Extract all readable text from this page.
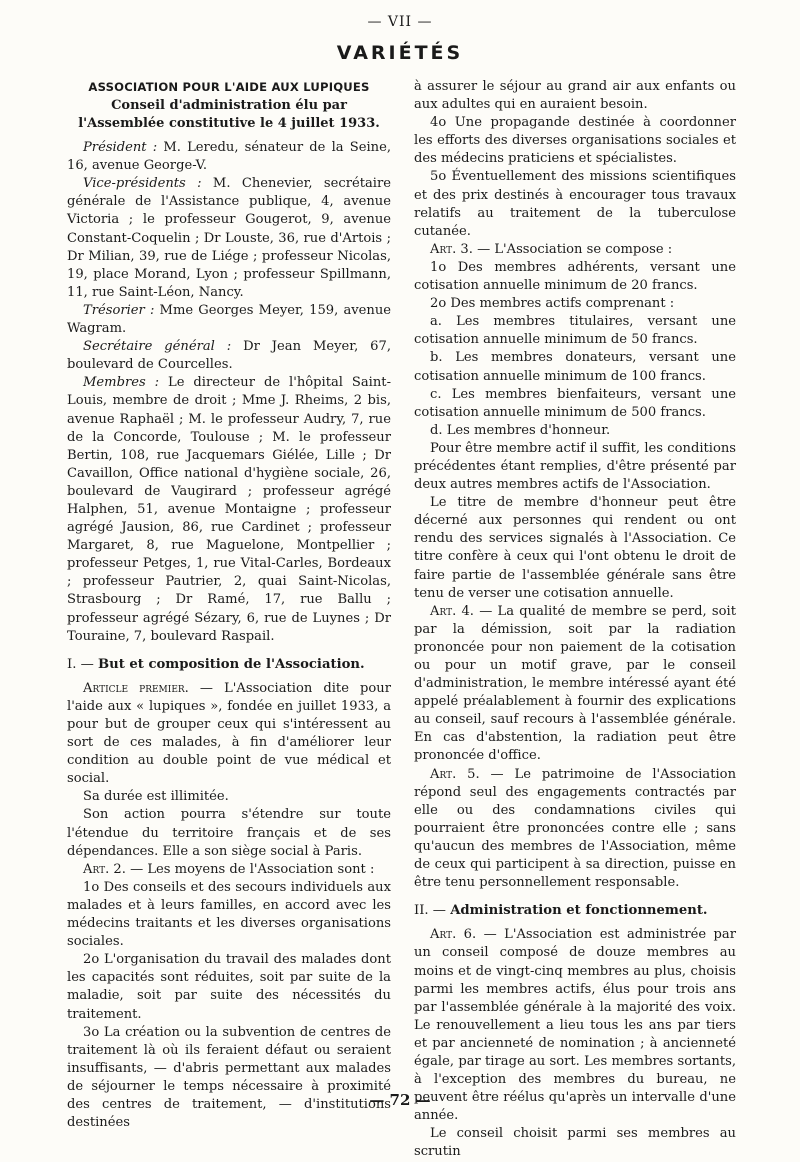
— VII —
VARIÉTÉS

ASSOCIATION POUR L'AIDE AUX LUPIQUES

Conseil d'administration élu par l'Assemblée constitutive le 4 juillet 1933.

Président : M. Leredu, sénateur de la Seine, 16, avenue George-V.

Vice-présidents : M. Chenevier, secrétaire générale de l'Assistance publique, 4, avenue Victoria ; le professeur Gougerot, 9, avenue Constant-Coquelin ; Dr Louste, 36, rue d'Artois ; Dr Milian, 39, rue de Liége ; professeur Nicolas, 19, place Morand, Lyon ; professeur Spillmann, 11, rue Saint-Léon, Nancy.

Trésorier : Mme Georges Meyer, 159, avenue Wagram.

Secrétaire général : Dr Jean Meyer, 67, boulevard de Courcelles.

Membres : Le directeur de l'hôpital Saint-Louis, membre de droit ; Mme J. Rheims, 2 bis, avenue Raphaël ; M. le professeur Audry, 7, rue de la Concorde, Toulouse ; M. le professeur Bertin, 108, rue Jacquemars Giélée, Lille ; Dr Cavaillon, Office national d'hygiène sociale, 26, boulevard de Vaugirard ; professeur agrégé Halphen, 51, avenue Montaigne ; professeur agrégé Jausion, 86, rue Cardinet ; professeur Margaret, 8, rue Maguelone, Montpellier ; professeur Petges, 1, rue Vital-Carles, Bordeaux ; professeur Pautrier, 2, quai Saint-Nicolas, Strasbourg ; Dr Ramé, 17, rue Ballu ; professeur agrégé Sézary, 6, rue de Luynes ; Dr Touraine, 7, boulevard Raspail.

I. — But et composition de l'Association.

Article premier. — L'Association dite pour l'aide aux « lupiques », fondée en juillet 1933, a pour but de grouper ceux qui s'intéressent au sort de ces malades, à fin d'améliorer leur condition au double point de vue médical et social.

Sa durée est illimitée.

Son action pourra s'étendre sur toute l'étendue du territoire français et de ses dépendances. Elle a son siège social à Paris.

Art. 2. — Les moyens de l'Association sont :

1o Des conseils et des secours individuels aux malades et à leurs familles, en accord avec les médecins traitants et les diverses organisations sociales.

2o L'organisation du travail des malades dont les capacités sont réduites, soit par suite de la maladie, soit par suite des nécessités du traitement.

3o La création ou la subvention de centres de traitement là où ils feraient défaut ou seraient insuffisants, — d'abris permettant aux malades de séjourner le temps nécessaire à proximité des centres de traitement, — d'institutions destinées

à assurer le séjour au grand air aux enfants ou aux adultes qui en auraient besoin.

4o Une propagande destinée à coordonner les efforts des diverses organisations sociales et des médecins praticiens et spécialistes.

5o Éventuellement des missions scientifiques et des prix destinés à encourager tous travaux relatifs au traitement de la tuberculose cutanée.

Art. 3. — L'Association se compose :

1o Des membres adhérents, versant une cotisation annuelle minimum de 20 francs.

2o Des membres actifs comprenant :

a. Les membres titulaires, versant une cotisation annuelle minimum de 50 francs.

b. Les membres donateurs, versant une cotisation annuelle minimum de 100 francs.

c. Les membres bienfaiteurs, versant une cotisation annuelle minimum de 500 francs.

d. Les membres d'honneur.

Pour être membre actif il suffit, les conditions précédentes étant remplies, d'être présenté par deux autres membres actifs de l'Association.

Le titre de membre d'honneur peut être décerné aux personnes qui rendent ou ont rendu des services signalés à l'Association. Ce titre confère à ceux qui l'ont obtenu le droit de faire partie de l'assemblée générale sans être tenu de verser une cotisation annuelle.

Art. 4. — La qualité de membre se perd, soit par la démission, soit par la radiation prononcée pour non paiement de la cotisation ou pour un motif grave, par le conseil d'administration, le membre intéressé ayant été appelé préalablement à fournir des explications au conseil, sauf recours à l'assemblée générale. En cas d'abstention, la radiation peut être prononcée d'office.

Art. 5. — Le patrimoine de l'Association répond seul des engagements contractés par elle ou des condamnations civiles qui pourraient être prononcées contre elle ; sans qu'aucun des membres de l'Association, même de ceux qui participent à sa direction, puisse en être tenu personnellement responsable.

II. — Administration et fonctionnement.

Art. 6. — L'Association est administrée par un conseil composé de douze membres au moins et de vingt-cinq membres au plus, choisis parmi les membres actifs, élus pour trois ans par l'assemblée générale à la majorité des voix. Le renouvellement a lieu tous les ans par tiers et par ancienneté de nomination ; à ancienneté égale, par tirage au sort. Les membres sortants, à l'exception des membres du bureau, ne peuvent être réélus qu'après un intervalle d'une année.

Le conseil choisit parmi ses membres au scrutin

— 72 —
